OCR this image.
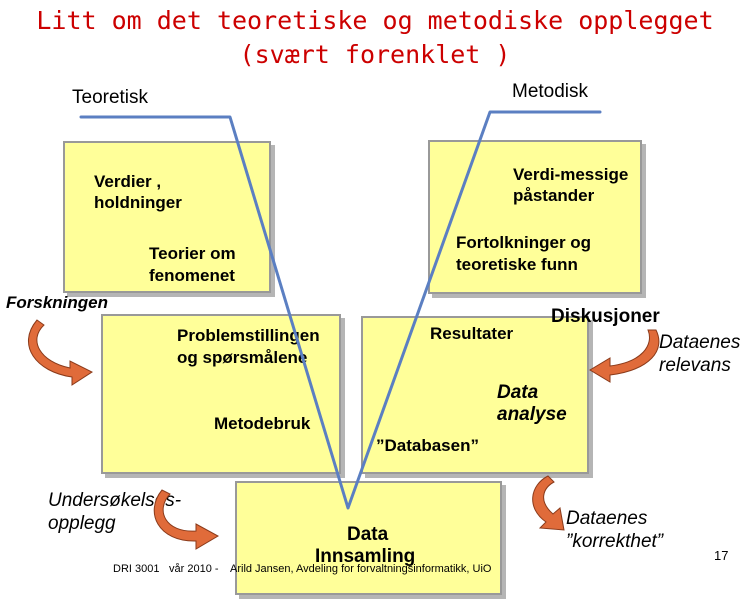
Litt om det teoretiske og metodiske opplegget
(svært forenklet )
Teoretisk	Metodisk
Verdier ,
holdninger
Teorier om
fenomenet
Verdi-messige
påstander
Fortolkninger og
teoretiske funn
Problemstillingen
og spørsmålene
Metodebruk
Resultater
Data
analyse
”Databasen”
Data
Innsamling
Forskningen
Diskusjoner
Dataenes
relevans
Undersøkelses-
opplegg	Dataenes
”korrekthet”
DRI 3001 vår 2010 - Arild Jansen, Avdeling for forvaltningsinformatikk, UiO
17
